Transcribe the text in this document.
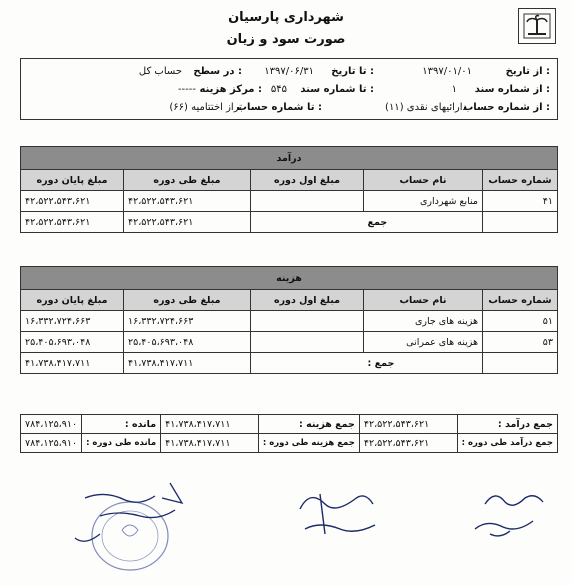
شهرداری پارسیان
صورت سود و زیان
از تاریخ :
۱۳۹۷/۰۱/۰۱
تا تاریخ :
۱۳۹۷/۰۶/۳۱
در سطح :
حساب کل
از شماره سند :
۱
تا شماره سند :
۵۴۵
مرکز هزینه :
-----
از شماره حساب :
دارائیهای نقدی (۱۱)
تا شماره حساب :
تراز اختتامیه (۶۶)
درآمد				
شماره حساب	نام حساب	مبلغ اول دوره	مبلغ طی دوره	مبلغ پایان دوره
۴۱	منابع شهرداری		۴۲،۵۲۲،۵۴۳،۶۲۱	۴۲،۵۲۲،۵۴۳،۶۲۱
	جمع		۴۲،۵۲۲،۵۴۳،۶۲۱	۴۲،۵۲۲،۵۴۳،۶۲۱
هزینه				
شماره حساب	نام حساب	مبلغ اول دوره	مبلغ طی دوره	مبلغ پایان دوره
۵۱	هزینه های جاری		۱۶،۳۳۲،۷۲۴،۶۶۳	۱۶،۳۳۲،۷۲۴،۶۶۳
۵۳	هزینه های عمرانی		۲۵،۴۰۵،۶۹۳،۰۴۸	۲۵،۴۰۵،۶۹۳،۰۴۸
	جمع :		۴۱،۷۳۸،۴۱۷،۷۱۱	۴۱،۷۳۸،۴۱۷،۷۱۱
جمع درآمد :	۴۲،۵۲۲،۵۴۳،۶۲۱	جمع هزینه :	۴۱،۷۳۸،۴۱۷،۷۱۱	مانده :	۷۸۴،۱۲۵،۹۱۰
جمع درآمد طی دوره :	۴۲،۵۲۲،۵۴۳،۶۲۱	جمع هزینه طی دوره :	۴۱،۷۳۸،۴۱۷،۷۱۱	مانده طی دوره :	۷۸۴،۱۲۵،۹۱۰
